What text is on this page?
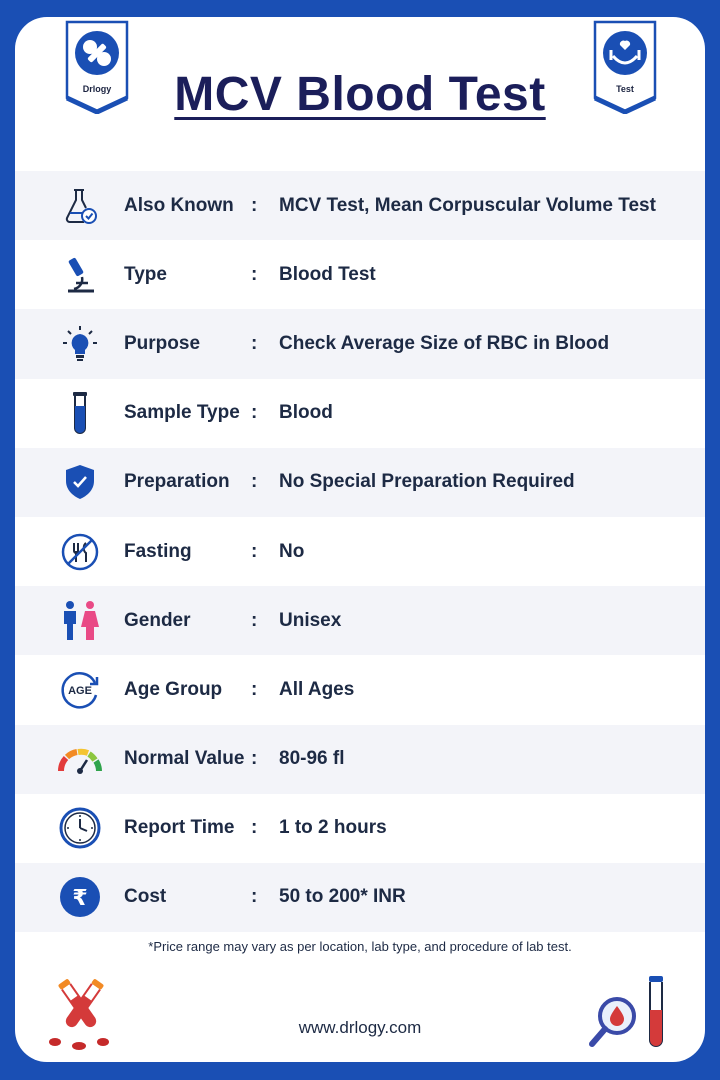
Drlogy	Test
MCV Blood Test
Also Known : MCV Test, Mean Corpuscular Volume Test
Type	: Blood Test
Purpose	: Check Average Size of RBC in Blood
Sample Type : Blood
Preparation : No Special Preparation Required
Fasting	: No
Gender	: Unisex
AGE Age Group : All Ages
Normal Value : 80-96 fl
Report Time : 1 to 2 hours
₹ Cost	: 50 to 200* INR
*Price range may vary as per location, lab type, and procedure of lab test.
www.drlogy.com
